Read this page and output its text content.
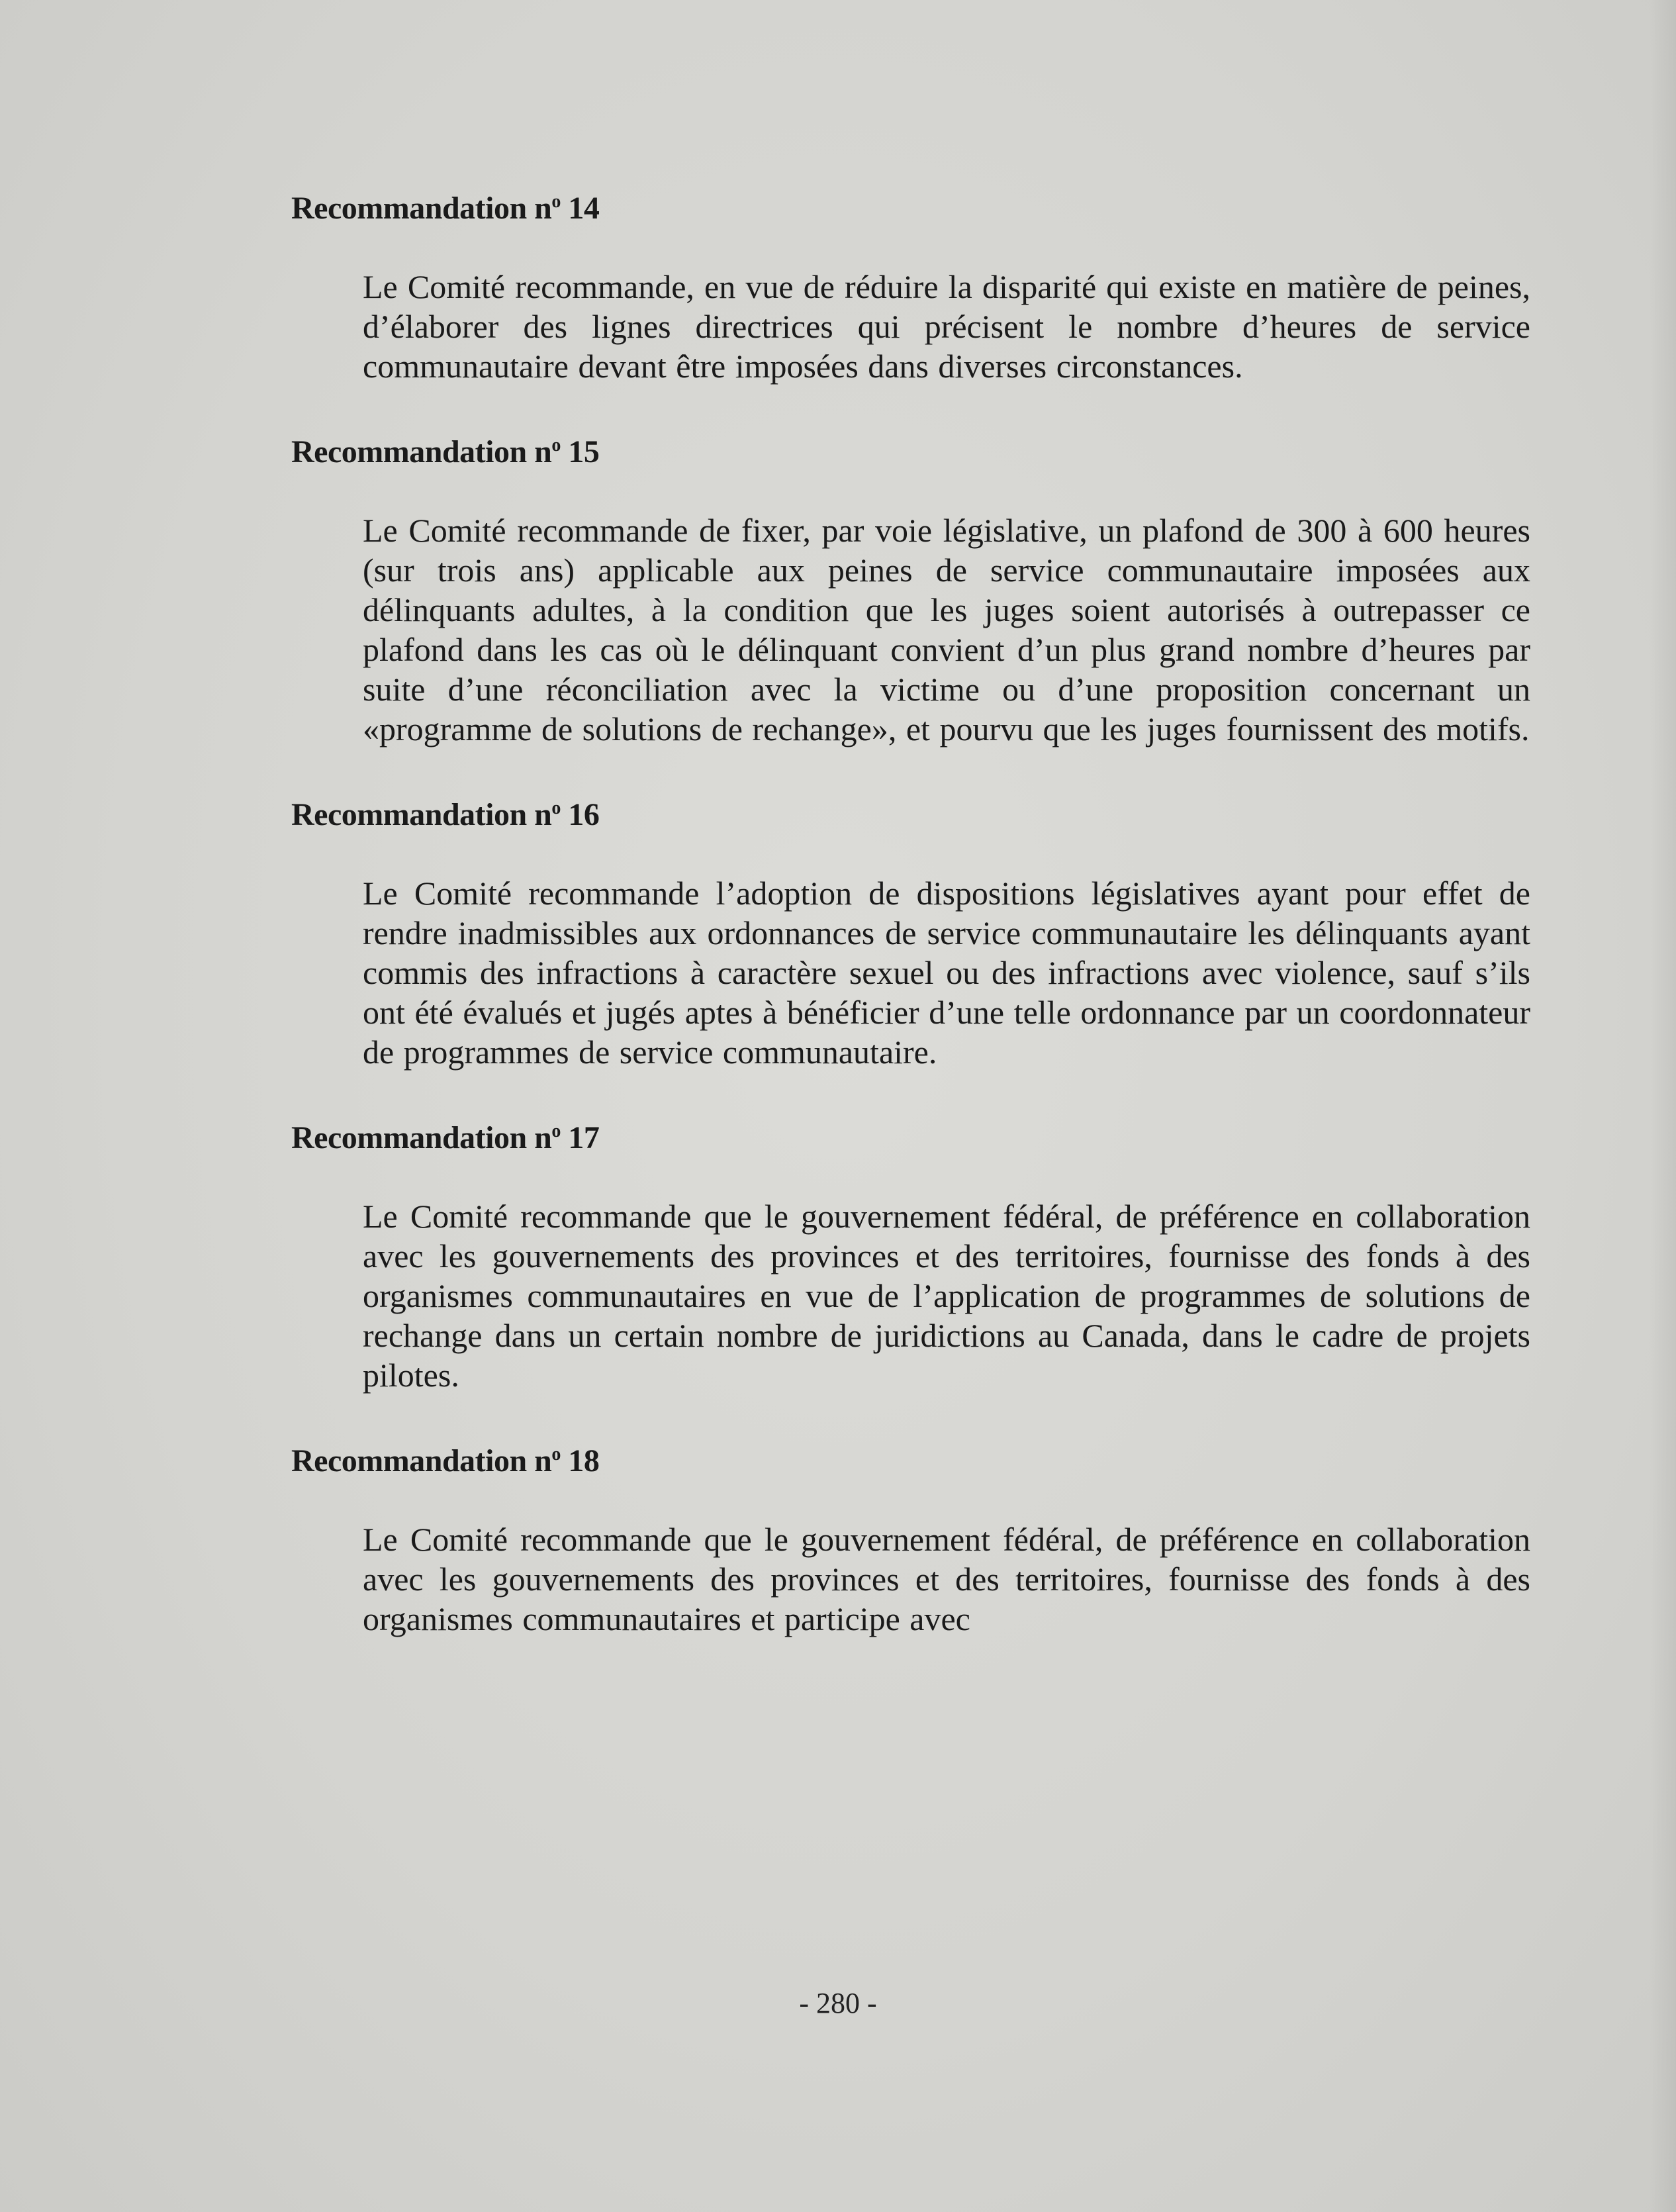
Recommandation $n^o$ 14

Le Comité recommande, en vue de réduire la disparité qui existe en matière de peines, d’élaborer des lignes directrices qui précisent le nombre d’heures de service communautaire devant être imposées dans diverses circonstances.

Recommandation $n^o$ 15

Le Comité recommande de fixer, par voie législative, un plafond de 300 à 600 heures (sur trois ans) applicable aux peines de service communautaire imposées aux délinquants adultes, à la condition que les juges soient autorisés à outrepasser ce plafond dans les cas où le délinquant convient d’un plus grand nombre d’heures par suite d’une réconciliation avec la victime ou d’une proposition concernant un «programme de solutions de rechange», et pourvu que les juges fournissent des motifs.

Recommandation $n^o$ 16

Le Comité recommande l’adoption de dispositions législatives ayant pour effet de rendre inadmissibles aux ordonnances de service communautaire les délinquants ayant commis des infractions à caractère sexuel ou des infractions avec violence, sauf s’ils ont été évalués et jugés aptes à bénéficier d’une telle ordonnance par un coordonnateur de programmes de service communautaire.

Recommandation $n^o$ 17

Le Comité recommande que le gouvernement fédéral, de préférence en collaboration avec les gouvernements des provinces et des territoires, fournisse des fonds à des organismes communautaires en vue de l’application de programmes de solutions de rechange dans un certain nombre de juridictions au Canada, dans le cadre de projets pilotes.

Recommandation $n^o$ 18

Le Comité recommande que le gouvernement fédéral, de préférence en collaboration avec les gouvernements des provinces et des territoires, fournisse des fonds à des organismes communautaires et participe avec

- 280 -
